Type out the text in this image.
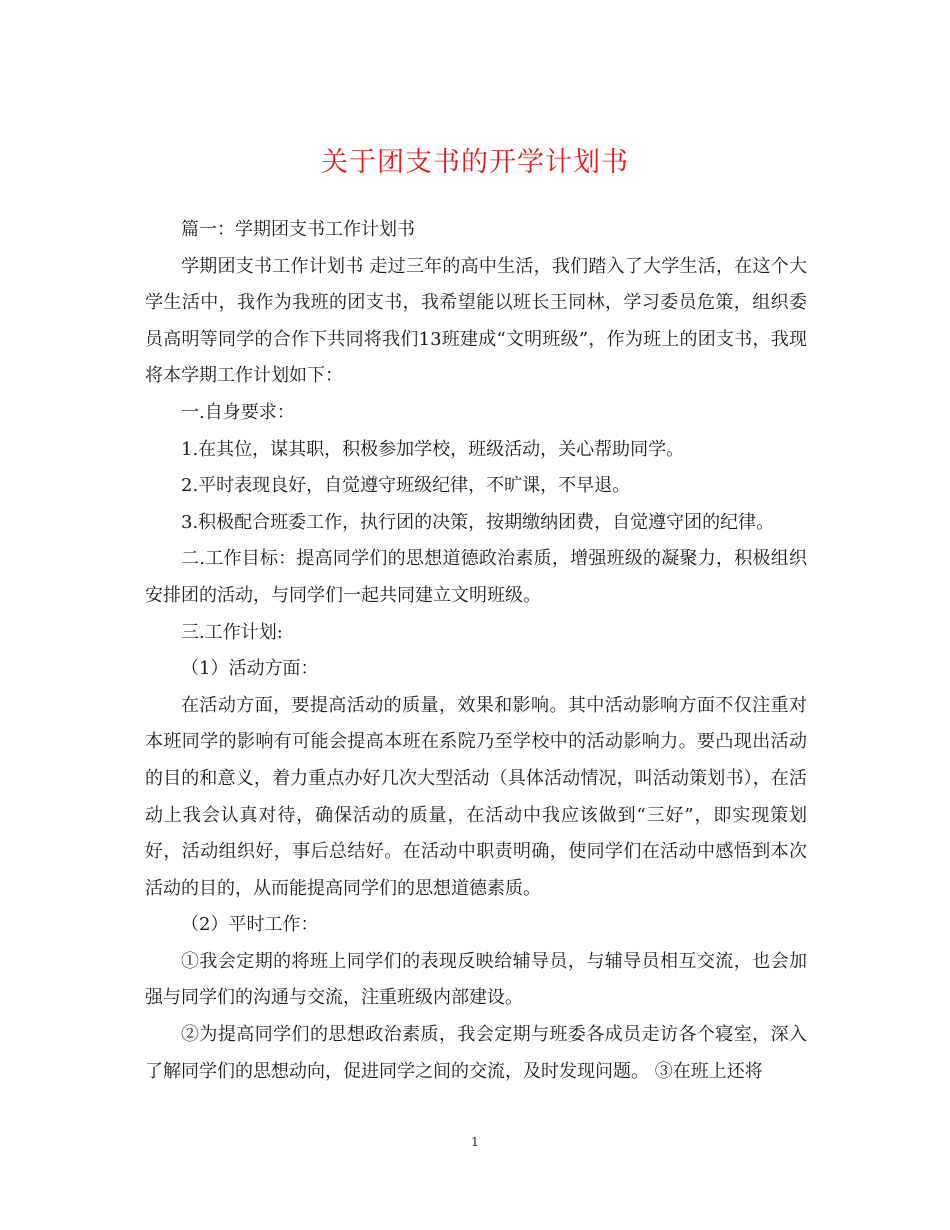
关于团支书的开学计划书

篇一：学期团支书工作计划书

学期团支书工作计划书 走过三年的高中生活，我们踏入了大学生活，在这个大学生活中，我作为我班的团支书，我希望能以班长王同林，学习委员危策，组织委员高明等同学的合作下共同将我们13班建成“文明班级”，作为班上的团支书，我现将本学期工作计划如下：

一.自身要求：

1.在其位，谋其职，积极参加学校，班级活动，关心帮助同学。

2.平时表现良好，自觉遵守班级纪律，不旷课，不早退。

3.积极配合班委工作，执行团的决策，按期缴纳团费，自觉遵守团的纪律。

二.工作目标：提高同学们的思想道德政治素质，增强班级的凝聚力，积极组织安排团的活动，与同学们一起共同建立文明班级。

三.工作计划:

（1）活动方面：

在活动方面，要提高活动的质量，效果和影响。其中活动影响方面不仅注重对本班同学的影响有可能会提高本班在系院乃至学校中的活动影响力。要凸现出活动的目的和意义，着力重点办好几次大型活动（具体活动情况，叫活动策划书），在活动上我会认真对待，确保活动的质量，在活动中我应该做到“三好”，即实现策划好，活动组织好，事后总结好。在活动中职责明确，使同学们在活动中感悟到本次活动的目的，从而能提高同学们的思想道德素质。

（2）平时工作：

①我会定期的将班上同学们的表现反映给辅导员，与辅导员相互交流，也会加强与同学们的沟通与交流，注重班级内部建设。

②为提高同学们的思想政治素质，我会定期与班委各成员走访各个寝室，深入了解同学们的思想动向，促进同学之间的交流，及时发现问题。 ③在班上还将

1
